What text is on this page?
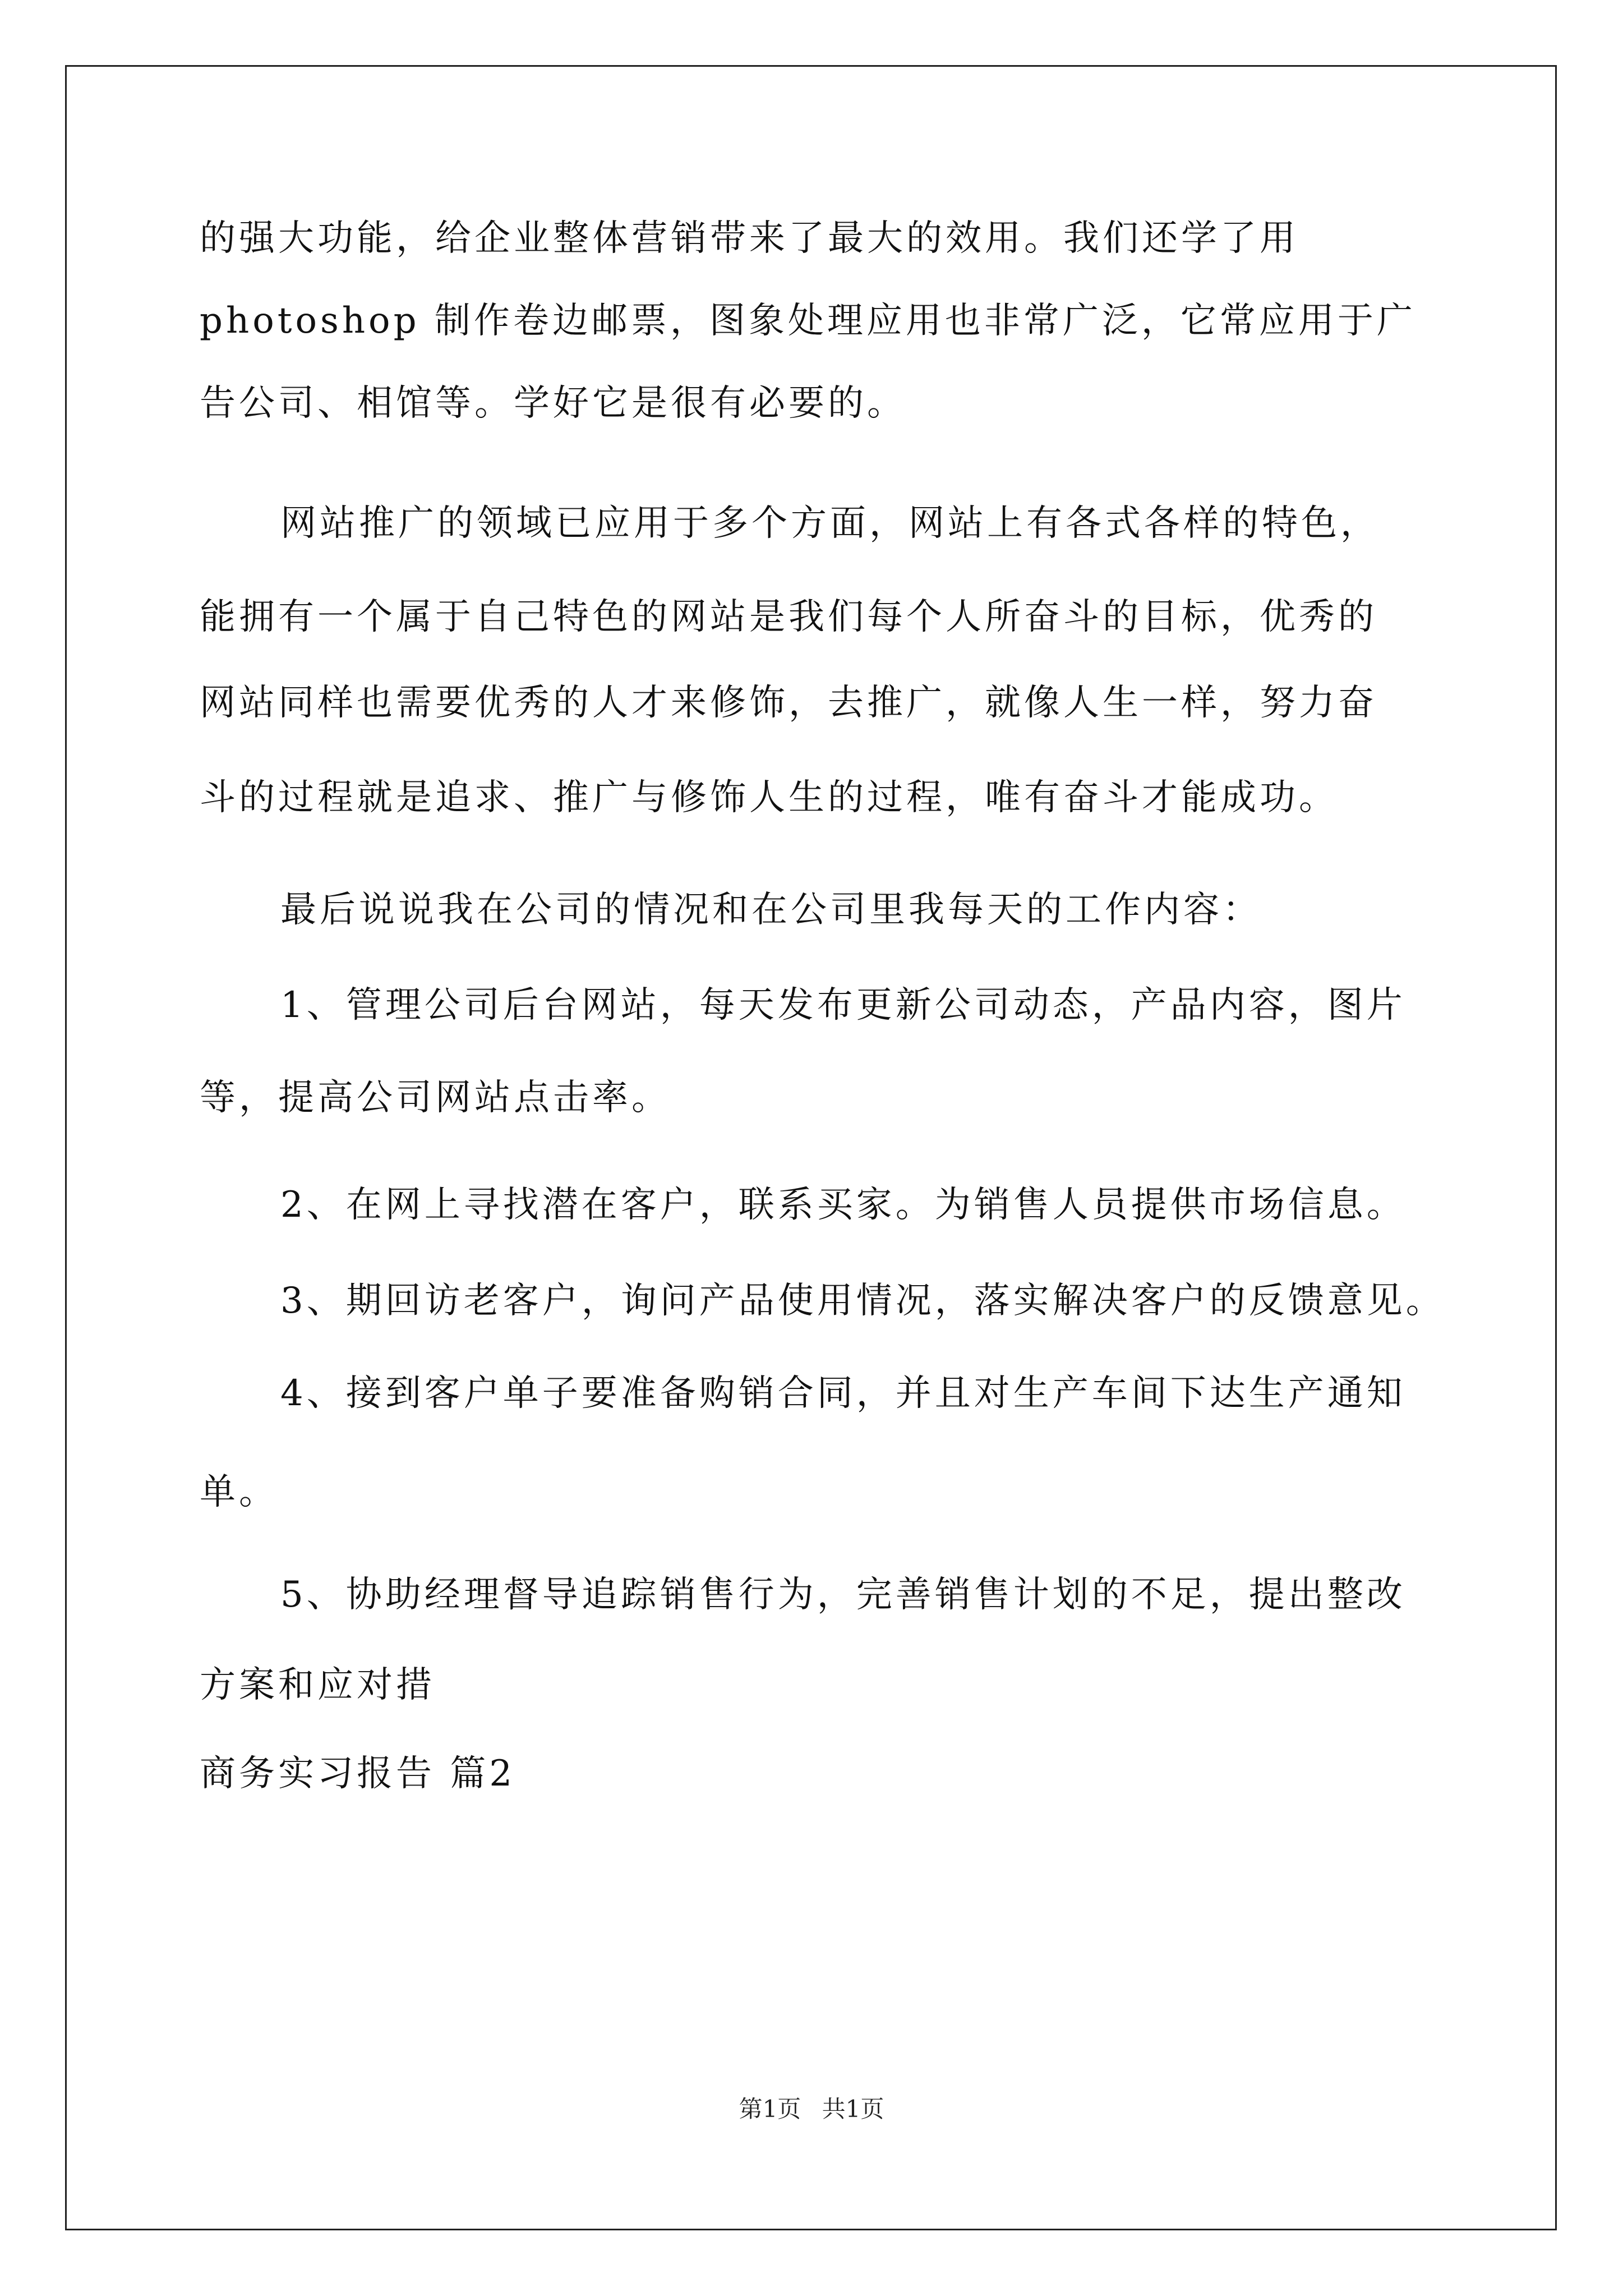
的强大功能，给企业整体营销带来了最大的效用。我们还学了用
photoshop 制作卷边邮票，图象处理应用也非常广泛，它常应用于广
告公司、相馆等。学好它是很有必要的。
网站推广的领域已应用于多个方面，网站上有各式各样的特色，
能拥有一个属于自己特色的网站是我们每个人所奋斗的目标，优秀的
网站同样也需要优秀的人才来修饰，去推广，就像人生一样，努力奋
斗的过程就是追求、推广与修饰人生的过程，唯有奋斗才能成功。
最后说说我在公司的情况和在公司里我每天的工作内容：
1、管理公司后台网站，每天发布更新公司动态，产品内容，图片
等，提高公司网站点击率。
2、在网上寻找潜在客户，联系买家。为销售人员提供市场信息。
3、期回访老客户，询问产品使用情况，落实解决客户的反馈意见。
4、接到客户单子要准备购销合同，并且对生产车间下达生产通知
单。
5、协助经理督导追踪销售行为，完善销售计划的不足，提出整改
方案和应对措
商务实习报告 篇2
第1页 共1页
